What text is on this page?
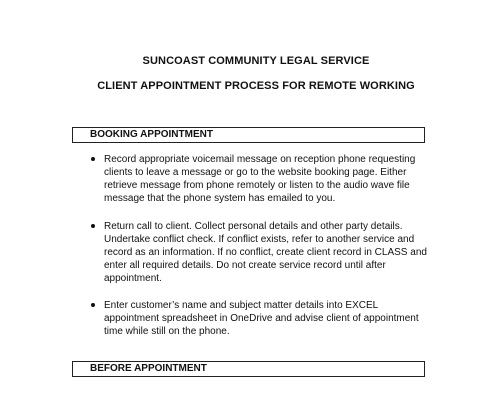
SUNCOAST COMMUNITY LEGAL SERVICE
CLIENT APPOINTMENT PROCESS FOR REMOTE WORKING
BOOKING APPOINTMENT
Record appropriate voicemail message on reception phone requesting
clients to leave a message or go to the website booking page. Either
retrieve message from phone remotely or listen to the audio wave file
message that the phone system has emailed to you.
Return call to client. Collect personal details and other party details.
Undertake conflict check. If conflict exists, refer to another service and
record as an information. If no conflict, create client record in CLASS and
enter all required details. Do not create service record until after
appointment.
Enter customer’s name and subject matter details into EXCEL
appointment spreadsheet in OneDrive and advise client of appointment
time while still on the phone.
BEFORE APPOINTMENT
